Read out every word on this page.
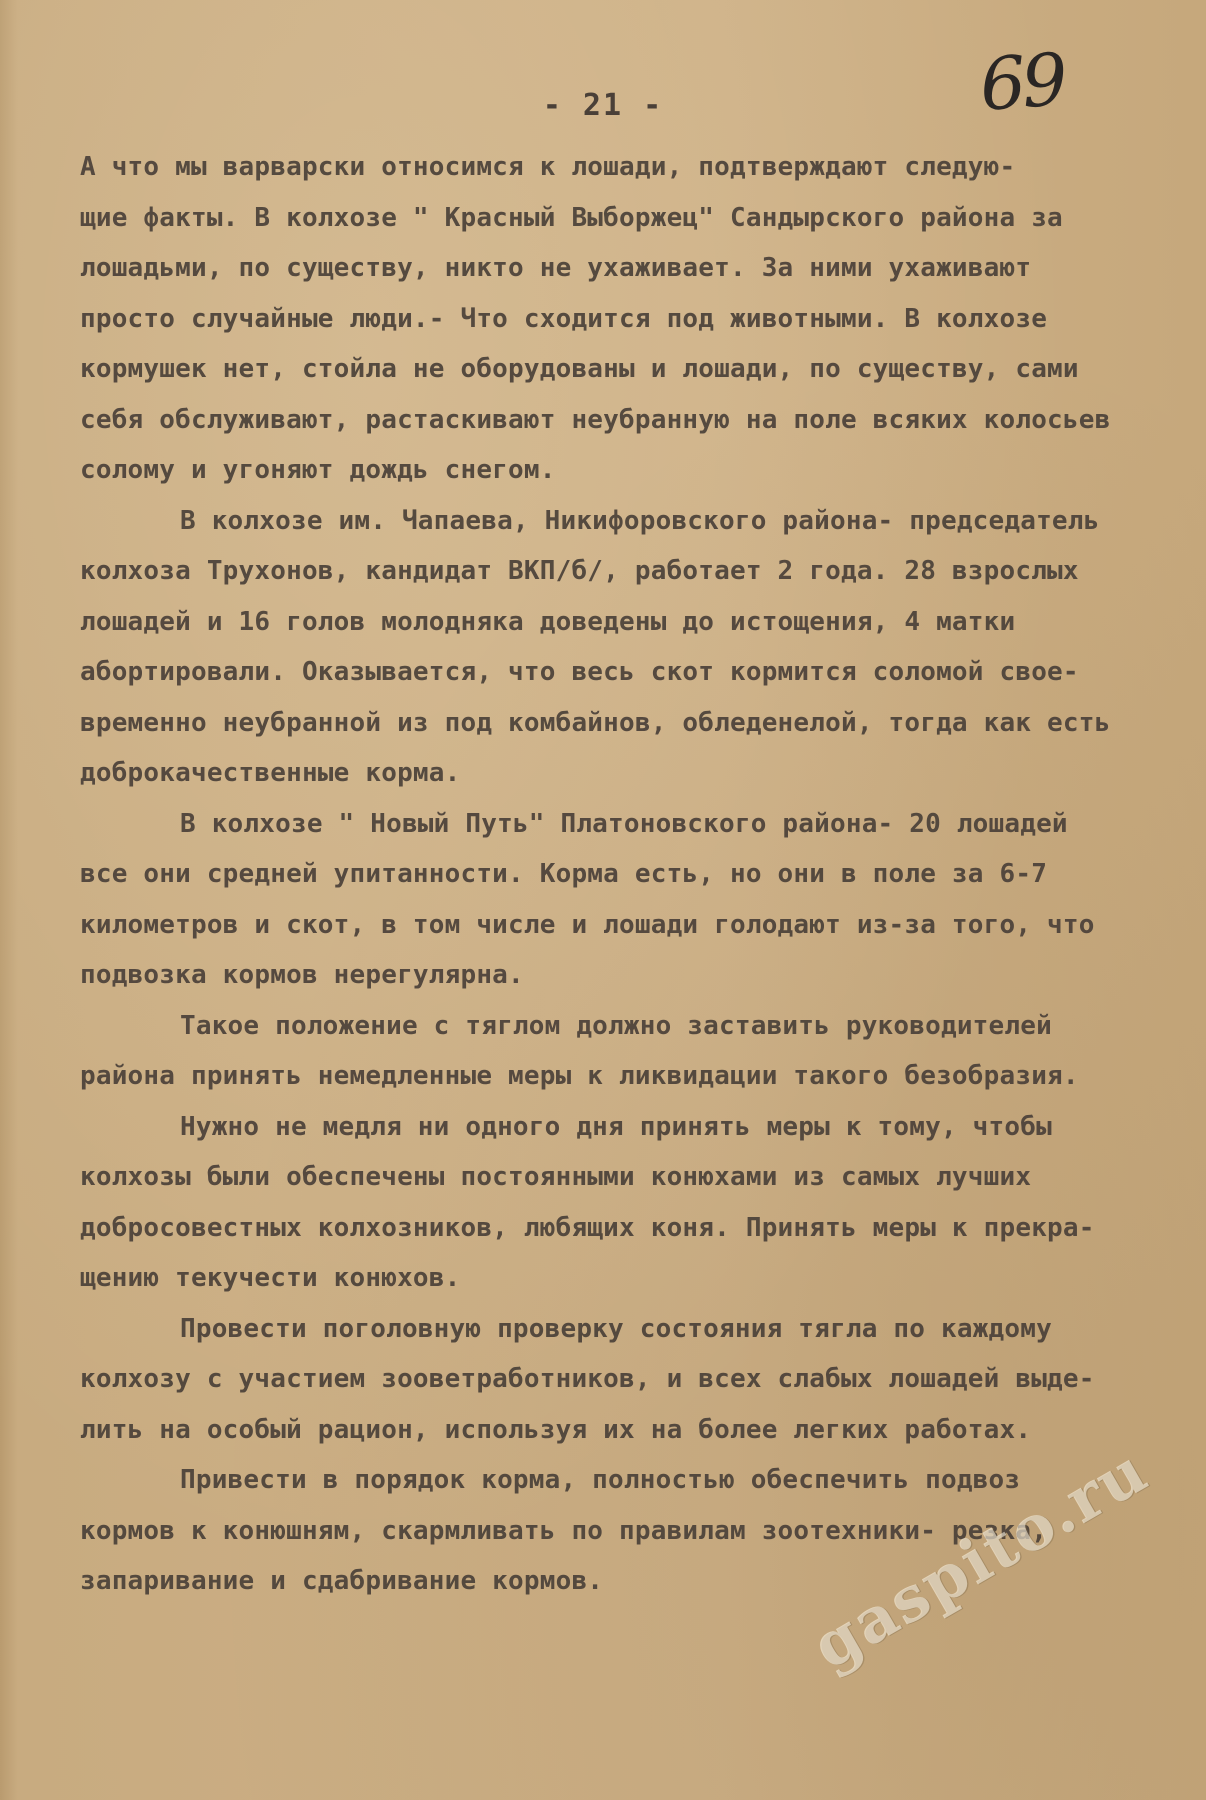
69
- 21 -
А что мы варварски относимся к лошади, подтверждают следую-
щие факты. В колхозе " Красный Выборжец" Сандырского района за
лошадьми, по существу, никто не ухаживает. За ними ухаживают
просто случайные люди.- Что сходится под животными. В колхозе
кормушек нет, стойла не оборудованы и лошади, по существу, сами
себя обслуживают, растаскивают неубранную на поле всяких колосьев
солому и угоняют дождь снегом.
В колхозе им. Чапаева, Никифоровского района- председатель
колхоза Трухонов, кандидат ВКП/б/, работает 2 года. 28 взрослых
лошадей и 16 голов молодняка доведены до истощения, 4 матки
абортировали. Оказывается, что весь скот кормится соломой свое-
временно неубранной из под комбайнов, обледенелой, тогда как есть
доброкачественные корма.
В колхозе " Новый Путь" Платоновского района- 20 лошадей
все они средней упитанности. Корма есть, но они в поле за 6-7
километров и скот, в том числе и лошади голодают из-за того, что
подвозка кормов нерегулярна.
Такое положение с тяглом должно заставить руководителей
района принять немедленные меры к ликвидации такого безобразия.
Нужно не медля ни одного дня принять меры к тому, чтобы
колхозы были обеспечены постоянными конюхами из самых лучших
добросовестных колхозников, любящих коня. Принять меры к прекра-
щению текучести конюхов.
Провести поголовную проверку состояния тягла по каждому
колхозу с участием зооветработников, и всех слабых лошадей выде-
лить на особый рацион, используя их на более легких работах.
Привести в порядок корма, полностью обеспечить подвоз
кормов к конюшням, скармливать по правилам зоотехники- резка,
запаривание и сдабривание кормов.	gaspito.ru
